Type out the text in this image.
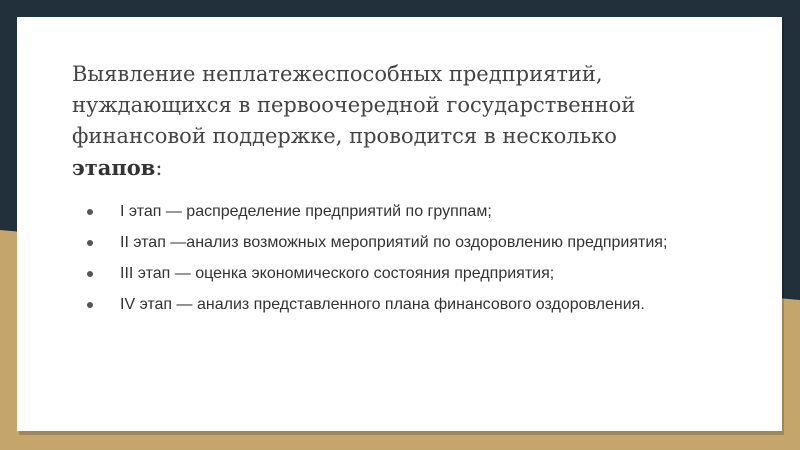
Выявление неплатежеспособных предприятий, нуждающихся в первоочередной государственной финансовой поддержке, проводится в несколько этапов:

I этап — распределение предприятий по группам;
II этап —анализ возможных мероприятий по оздоровлению предприятия;
III этап — оценка экономического состояния предприятия;
IV этап — анализ представленного плана финансового оздоровления.
